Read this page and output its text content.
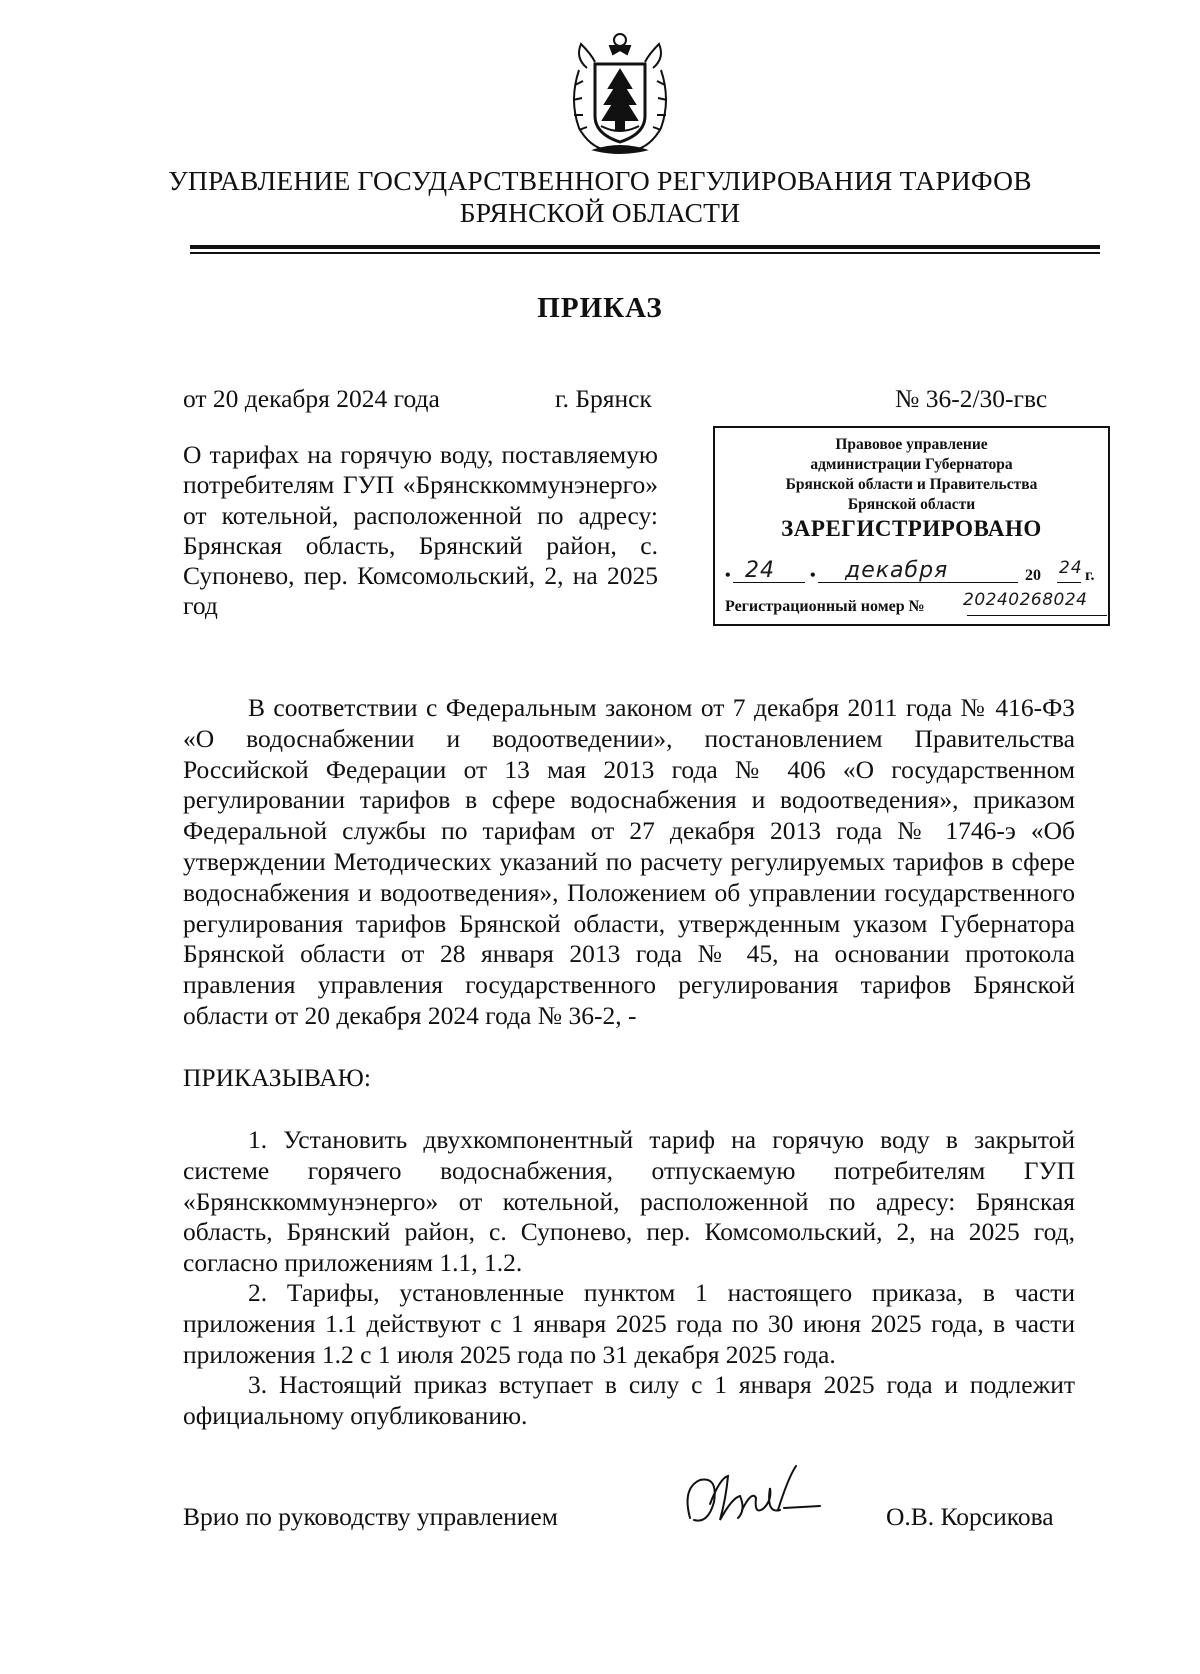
УПРАВЛЕНИЕ ГОСУДАРСТВЕННОГО РЕГУЛИРОВАНИЯ ТАРИФОВ
БРЯНСКОЙ ОБЛАСТИ
ПРИКАЗ
от 20 декабря 2024 года	г. Брянск	№ 36-2/30-гвс
О тарифах на горячую воду, поставляемую потребителям ГУП «Брянсккоммунэнерго» от котельной, расположенной по адресу: Брянская область, Брянский район, с. Супонево, пер. Комсомольский, 2, на 2025 год
Правовое управление
администрации Губернатора
Брянской области и Правительства
Брянской области
ЗАРЕГИСТРИРОВАНО
• 24 • декабря	20 24 г.
Регистрационный номер № 20240268024
В соответствии с Федеральным законом от 7 декабря 2011 года № 416-ФЗ «О водоснабжении и водоотведении», постановлением Правительства Российской Федерации от 13 мая 2013 года № 406 «О государственном регулировании тарифов в сфере водоснабжения и водоотведения», приказом Федеральной службы по тарифам от 27 декабря 2013 года № 1746-э «Об утверждении Методических указаний по расчету регулируемых тарифов в сфере водоснабжения и водоотведения», Положением об управлении государственного регулирования тарифов Брянской области, утвержденным указом Губернатора Брянской области от 28 января 2013 года № 45, на основании протокола правления управления государственного регулирования тарифов Брянской области от 20 декабря 2024 года № 36-2, -
ПРИКАЗЫВАЮ:
1. Установить двухкомпонентный тариф на горячую воду в закрытой системе горячего водоснабжения, отпускаемую потребителям ГУП «Брянсккоммунэнерго» от котельной, расположенной по адресу: Брянская область, Брянский район, с. Супонево, пер. Комсомольский, 2, на 2025 год, согласно приложениям 1.1, 1.2.
2. Тарифы, установленные пунктом 1 настоящего приказа, в части приложения 1.1 действуют с 1 января 2025 года по 30 июня 2025 года, в части приложения 1.2 с 1 июля 2025 года по 31 декабря 2025 года.
3. Настоящий приказ вступает в силу с 1 января 2025 года и подлежит официальному опубликованию.
Врио по руководству управлением	О.В. Корсикова
